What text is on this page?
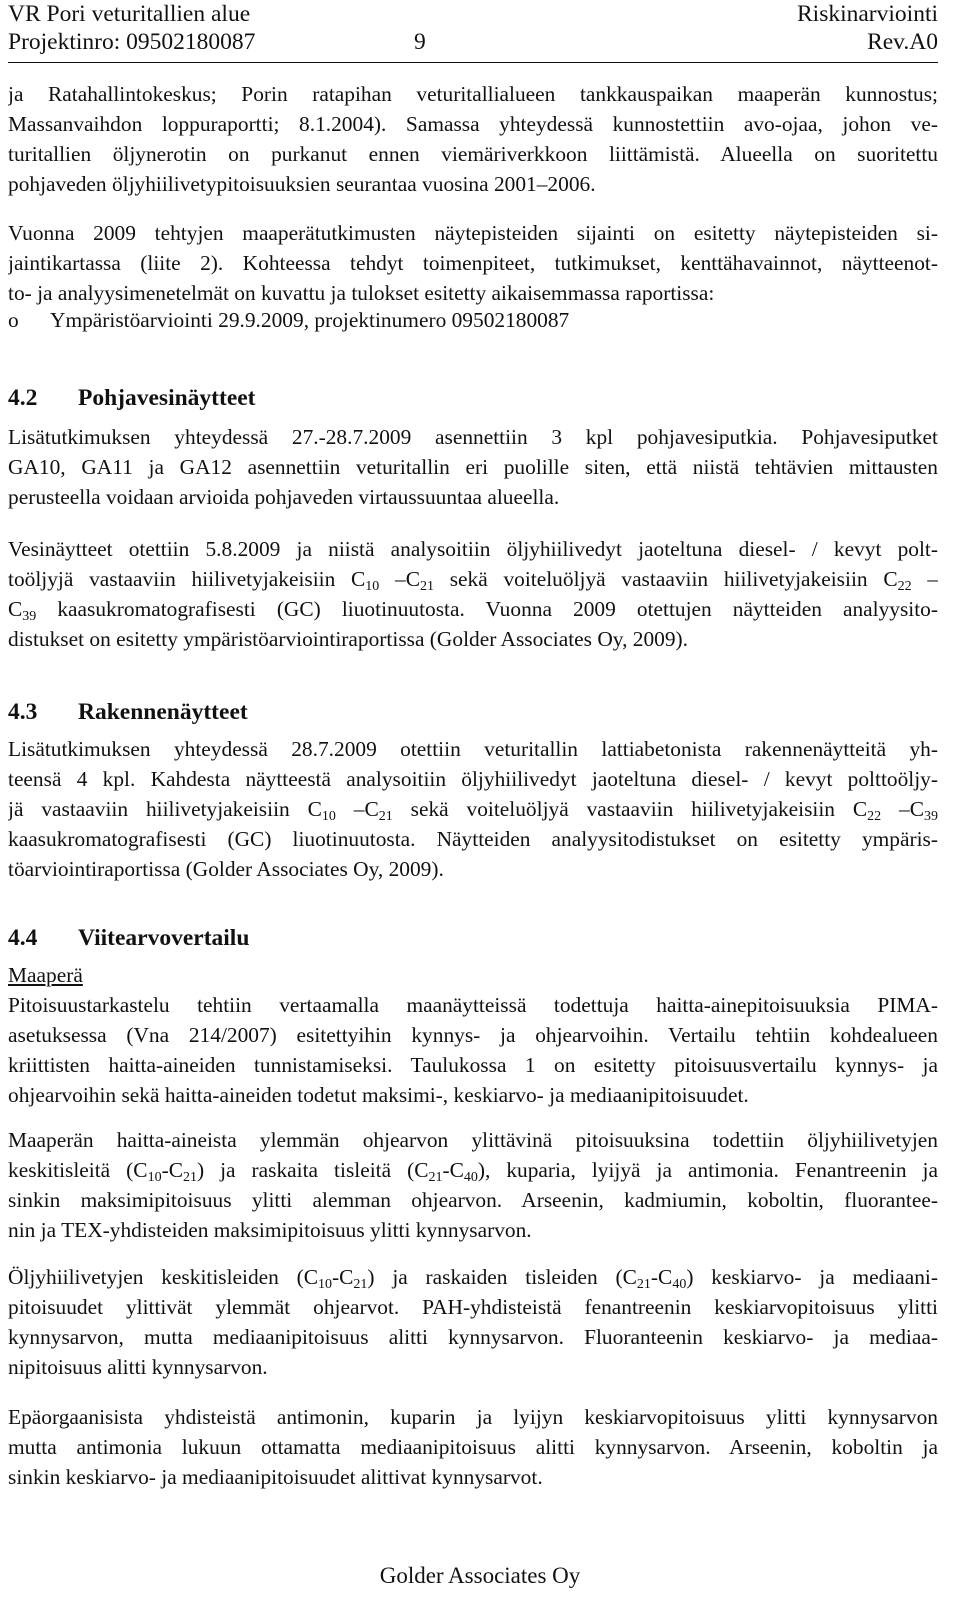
VR Pori veturitallien alue	Riskinarviointi
Projektinro: 09502180087	9	Rev.A0
ja Ratahallintokeskus; Porin ratapihan veturitallialueen tankkauspaikan maaperän kunnostus;
Massanvaihdon loppuraportti; 8.1.2004). Samassa yhteydessä kunnostettiin avo-ojaa, johon ve-
turitallien öljynerotin on purkanut ennen viemäriverkkoon liittämistä. Alueella on suoritettu
pohjaveden öljyhiilivetypitoisuuksien seurantaa vuosina 2001–2006.
Vuonna 2009 tehtyjen maaperätutkimusten näytepisteiden sijainti on esitetty näytepisteiden si-
jaintikartassa (liite 2). Kohteessa tehdyt toimenpiteet, tutkimukset, kenttähavainnot, näytteenot-
to- ja analyysimenetelmät on kuvattu ja tulokset esitetty aikaisemmassa raportissa:
o Ympäristöarviointi 29.9.2009, projektinumero 09502180087
4.2 Pohjavesinäytteet
Lisätutkimuksen yhteydessä 27.-28.7.2009 asennettiin 3 kpl pohjavesiputkia. Pohjavesiputket
GA10, GA11 ja GA12 asennettiin veturitallin eri puolille siten, että niistä tehtävien mittausten
perusteella voidaan arvioida pohjaveden virtaussuuntaa alueella.
Vesinäytteet otettiin 5.8.2009 ja niistä analysoitiin öljyhiilivedyt jaoteltuna diesel- / kevyt polt-
toöljyjä vastaaviin hiilivetyjakeisiin $C_{10}$ $-C_{21}$ sekä voiteluöljyä vastaaviin hiilivetyjakeisiin $C_{22}$ –
$C_{39}$ kaasukromatografisesti (GC) liuotinuutosta. Vuonna 2009 otettujen näytteiden analyysito-
distukset on esitetty ympäristöarviointiraportissa (Golder Associates Oy, 2009).
4.3 Rakennenäytteet
Lisätutkimuksen yhteydessä 28.7.2009 otettiin veturitallin lattiabetonista rakennenäytteitä yh-
teensä 4 kpl. Kahdesta näytteestä analysoitiin öljyhiilivedyt jaoteltuna diesel- / kevyt polttoöljy-
jä vastaaviin hiilivetyjakeisiin $C_{10}$ $-C_{21}$ sekä voiteluöljyä vastaaviin hiilivetyjakeisiin $C_{22}$ $-C_{39}$
kaasukromatografisesti (GC) liuotinuutosta. Näytteiden analyysitodistukset on esitetty ympäris-
töarviointiraportissa (Golder Associates Oy, 2009).
4.4 Viitearvovertailu
Maaperä
Pitoisuustarkastelu tehtiin vertaamalla maanäytteissä todettuja haitta-ainepitoisuuksia PIMA-
asetuksessa (Vna 214/2007) esitettyihin kynnys- ja ohjearvoihin. Vertailu tehtiin kohdealueen
kriittisten haitta-aineiden tunnistamiseksi. Taulukossa 1 on esitetty pitoisuusvertailu kynnys- ja
ohjearvoihin sekä haitta-aineiden todetut maksimi-, keskiarvo- ja mediaanipitoisuudet.
Maaperän haitta-aineista ylemmän ohjearvon ylittävinä pitoisuuksina todettiin öljyhiilivetyjen
keskitisleitä $(C_{10}-C_{21})$ ja raskaita tisleitä $(C_{21}-C_{40})$, kuparia, lyijyä ja antimonia. Fenantreenin ja
sinkin maksimipitoisuus ylitti alemman ohjearvon. Arseenin, kadmiumin, koboltin, fluorantee-
nin ja TEX-yhdisteiden maksimipitoisuus ylitti kynnysarvon.
Öljyhiilivetyjen keskitisleiden $(C_{10}-C_{21})$ ja raskaiden tisleiden $(C_{21}-C_{40})$ keskiarvo- ja mediaani-
pitoisuudet ylittivät ylemmät ohjearvot. PAH-yhdisteistä fenantreenin keskiarvopitoisuus ylitti
kynnysarvon, mutta mediaanipitoisuus alitti kynnysarvon. Fluoranteenin keskiarvo- ja mediaa-
nipitoisuus alitti kynnysarvon.
Epäorgaanisista yhdisteistä antimonin, kuparin ja lyijyn keskiarvopitoisuus ylitti kynnysarvon
mutta antimonia lukuun ottamatta mediaanipitoisuus alitti kynnysarvon. Arseenin, koboltin ja
sinkin keskiarvo- ja mediaanipitoisuudet alittivat kynnysarvot.
Golder Associates Oy
